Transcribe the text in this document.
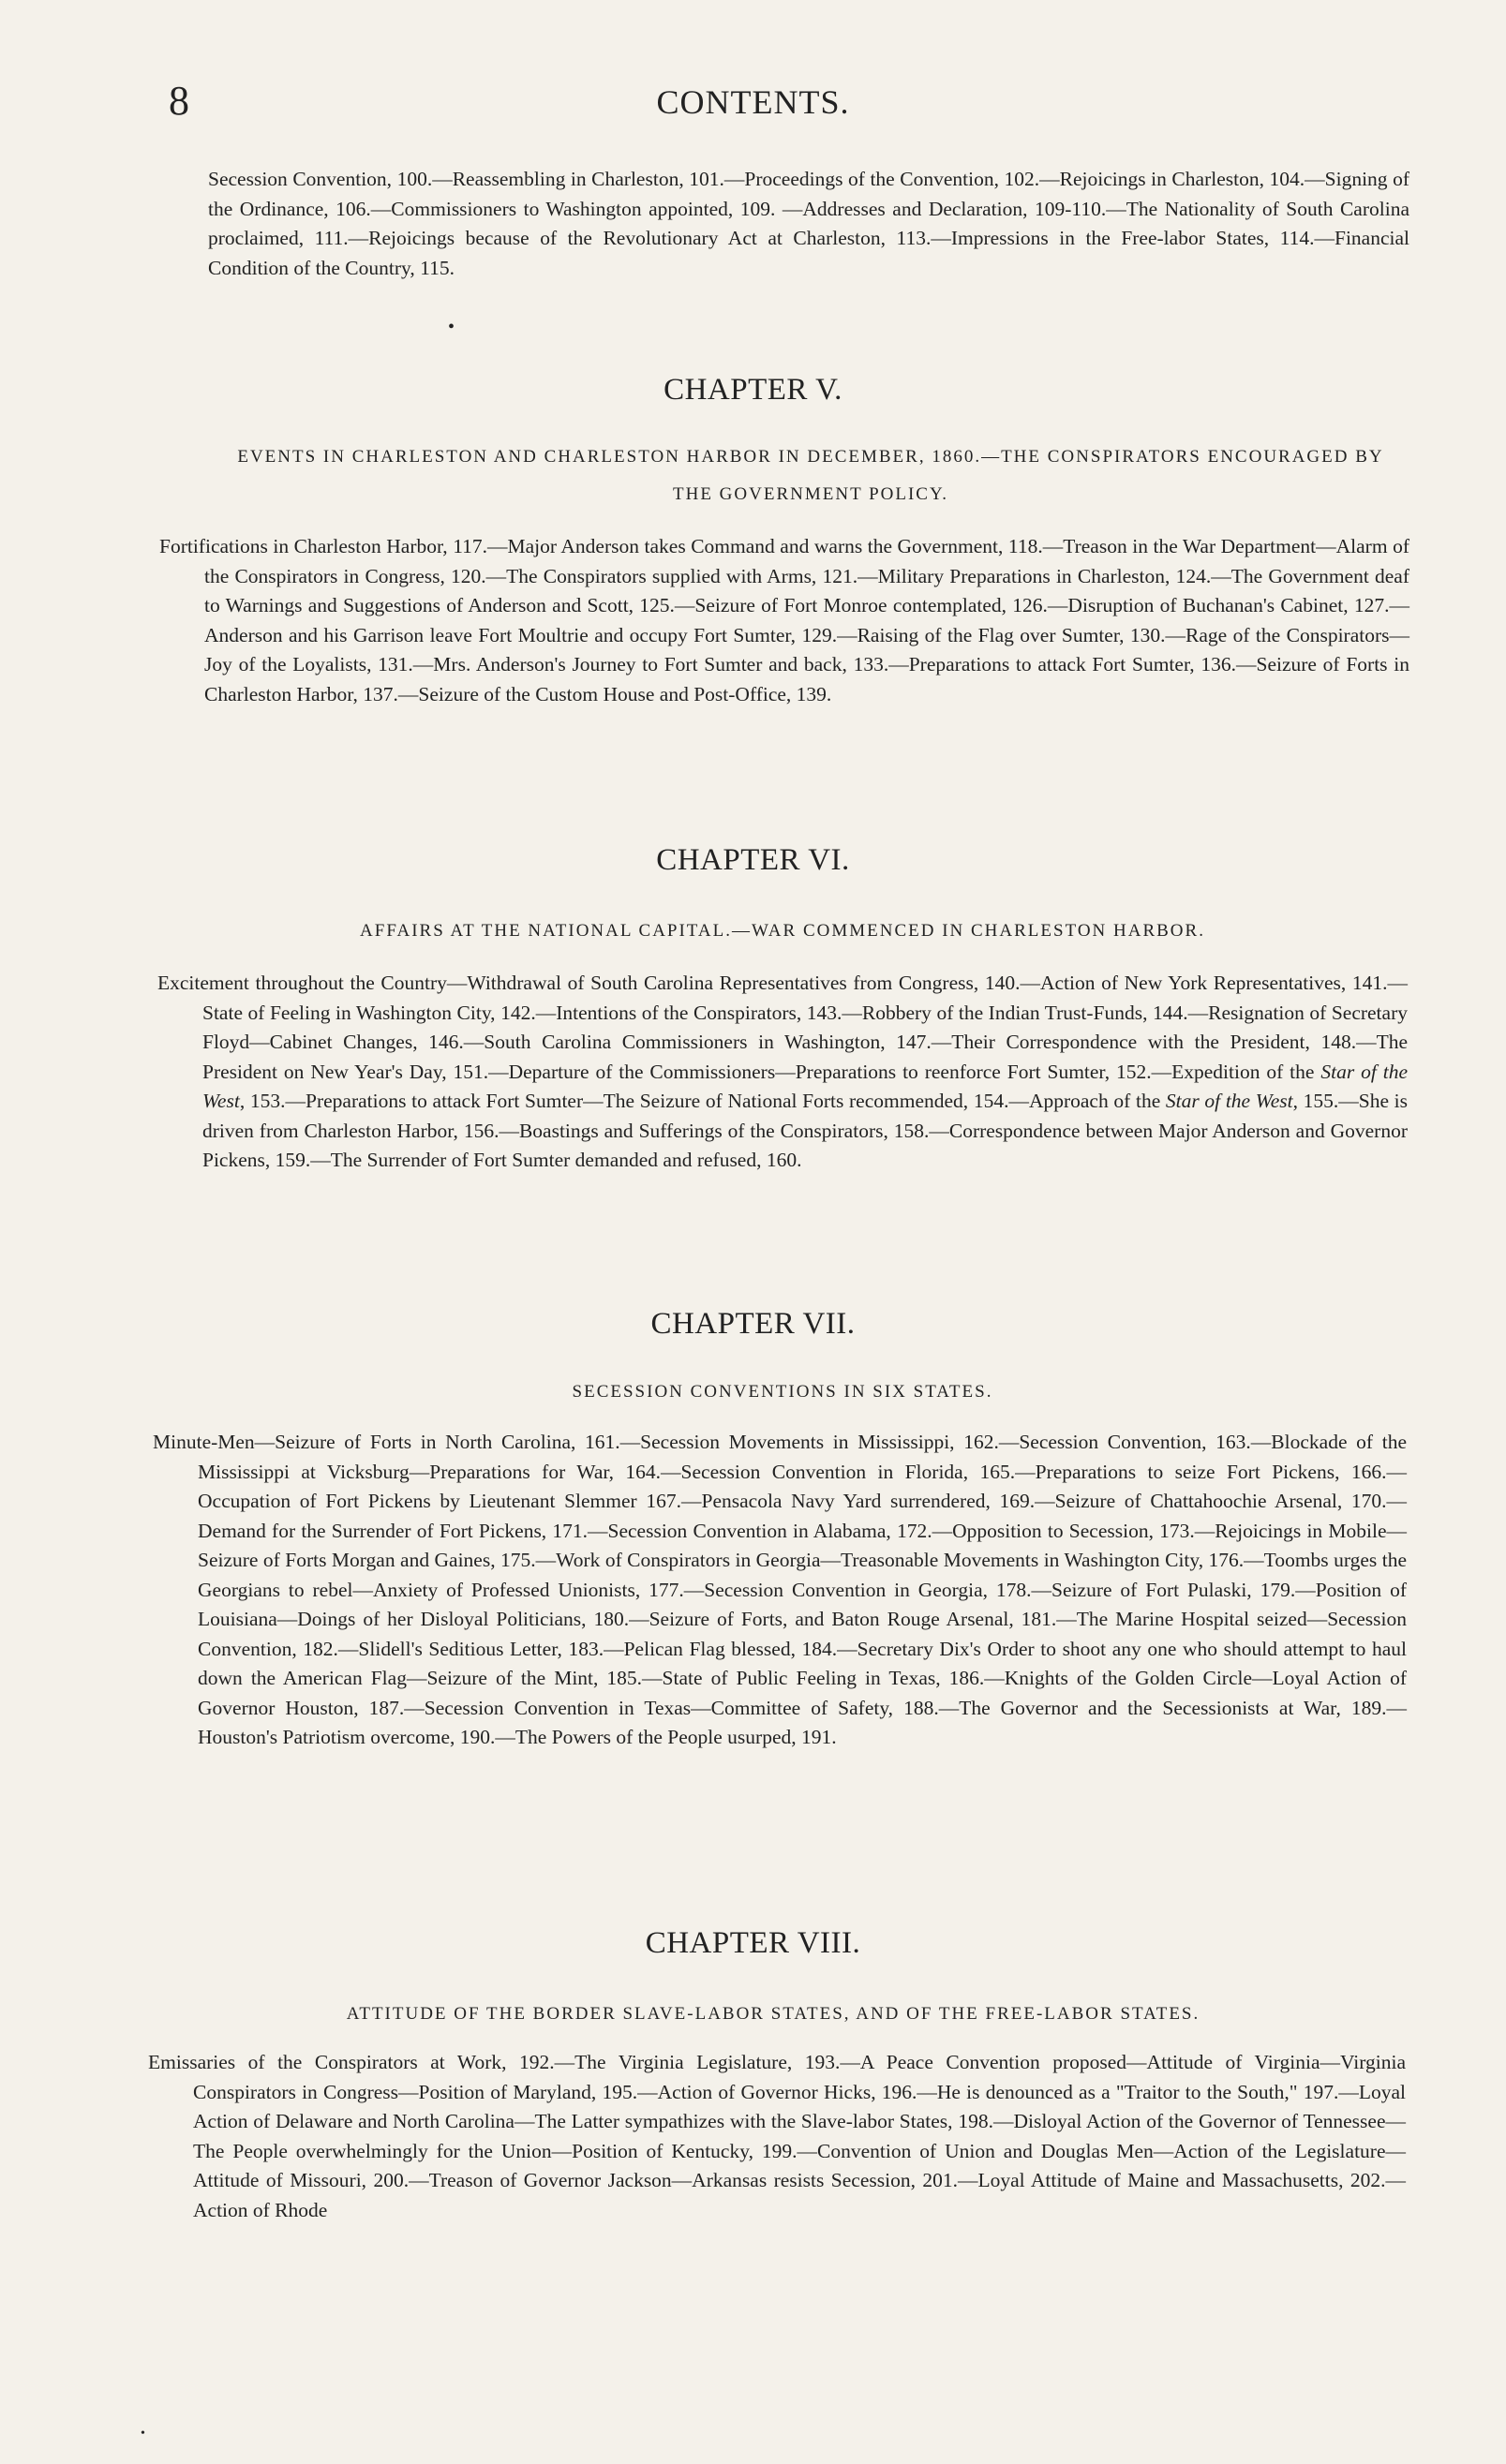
8	CONTENTS.
Secession Convention, 100.—Reassembling in Charleston, 101.—Proceedings of the Convention, 102.—Rejoicings in Charleston, 104.—Signing of the Ordinance, 106.—Commissioners to Washington appointed, 109. —Addresses and Declaration, 109-110.—The Nationality of South Carolina proclaimed, 111.—Rejoicings because of the Revolutionary Act at Charleston, 113.—Impressions in the Free-labor States, 114.—Financial Condition of the Country, 115.
•
CHAPTER V.
EVENTS IN CHARLESTON AND CHARLESTON HARBOR IN DECEMBER, 1860.—THE CONSPIRATORS ENCOURAGED BY THE GOVERNMENT POLICY.
Fortifications in Charleston Harbor, 117.—Major Anderson takes Command and warns the Government, 118.—Treason in the War Department—Alarm of the Conspirators in Congress, 120.—The Conspirators supplied with Arms, 121.—Military Preparations in Charleston, 124.—The Government deaf to Warnings and Suggestions of Anderson and Scott, 125.—Seizure of Fort Monroe contemplated, 126.—Disruption of Buchanan's Cabinet, 127.—Anderson and his Garrison leave Fort Moultrie and occupy Fort Sumter, 129.—Raising of the Flag over Sumter, 130.—Rage of the Conspirators—Joy of the Loyalists, 131.—Mrs. Anderson's Journey to Fort Sumter and back, 133.—Preparations to attack Fort Sumter, 136.—Seizure of Forts in Charleston Harbor, 137.—Seizure of the Custom House and Post-Office, 139.
CHAPTER VI.
AFFAIRS AT THE NATIONAL CAPITAL.—WAR COMMENCED IN CHARLESTON HARBOR.
Excitement throughout the Country—Withdrawal of South Carolina Representatives from Congress, 140.—Action of New York Representatives, 141.—State of Feeling in Washington City, 142.—Intentions of the Conspirators, 143.—Robbery of the Indian Trust-Funds, 144.—Resignation of Secretary Floyd—Cabinet Changes, 146.—South Carolina Commissioners in Washington, 147.—Their Correspondence with the President, 148.—The President on New Year's Day, 151.—Departure of the Commissioners—Preparations to reenforce Fort Sumter, 152.—Expedition of the Star of the West, 153.—Preparations to attack Fort Sumter—The Seizure of National Forts recommended, 154.—Approach of the Star of the West, 155.—She is driven from Charleston Harbor, 156.—Boastings and Sufferings of the Conspirators, 158.—Correspondence between Major Anderson and Governor Pickens, 159.—The Surrender of Fort Sumter demanded and refused, 160.
CHAPTER VII.
SECESSION CONVENTIONS IN SIX STATES.
Minute-Men—Seizure of Forts in North Carolina, 161.—Secession Movements in Mississippi, 162.—Secession Convention, 163.—Blockade of the Mississippi at Vicksburg—Preparations for War, 164.—Secession Convention in Florida, 165.—Preparations to seize Fort Pickens, 166.—Occupation of Fort Pickens by Lieutenant Slemmer 167.—Pensacola Navy Yard surrendered, 169.—Seizure of Chattahoochie Arsenal, 170.—Demand for the Surrender of Fort Pickens, 171.—Secession Convention in Alabama, 172.—Opposition to Secession, 173.—Rejoicings in Mobile—Seizure of Forts Morgan and Gaines, 175.—Work of Conspirators in Georgia—Treasonable Movements in Washington City, 176.—Toombs urges the Georgians to rebel—Anxiety of Professed Unionists, 177.—Secession Convention in Georgia, 178.—Seizure of Fort Pulaski, 179.—Position of Louisiana—Doings of her Disloyal Politicians, 180.—Seizure of Forts, and Baton Rouge Arsenal, 181.—The Marine Hospital seized—Secession Convention, 182.—Slidell's Seditious Letter, 183.—Pelican Flag blessed, 184.—Secretary Dix's Order to shoot any one who should attempt to haul down the American Flag—Seizure of the Mint, 185.—State of Public Feeling in Texas, 186.—Knights of the Golden Circle—Loyal Action of Governor Houston, 187.—Secession Convention in Texas—Committee of Safety, 188.—The Governor and the Secessionists at War, 189.—Houston's Patriotism overcome, 190.—The Powers of the People usurped, 191.
CHAPTER VIII.
ATTITUDE OF THE BORDER SLAVE-LABOR STATES, AND OF THE FREE-LABOR STATES.
Emissaries of the Conspirators at Work, 192.—The Virginia Legislature, 193.—A Peace Convention proposed—Attitude of Virginia—Virginia Conspirators in Congress—Position of Maryland, 195.—Action of Governor Hicks, 196.—He is denounced as a "Traitor to the South," 197.—Loyal Action of Delaware and North Carolina—The Latter sympathizes with the Slave-labor States, 198.—Disloyal Action of the Governor of Tennessee—The People overwhelmingly for the Union—Position of Kentucky, 199.—Convention of Union and Douglas Men—Action of the Legislature—Attitude of Missouri, 200.—Treason of Governor Jackson—Arkansas resists Secession, 201.—Loyal Attitude of Maine and Massachusetts, 202.—Action of Rhode
•
